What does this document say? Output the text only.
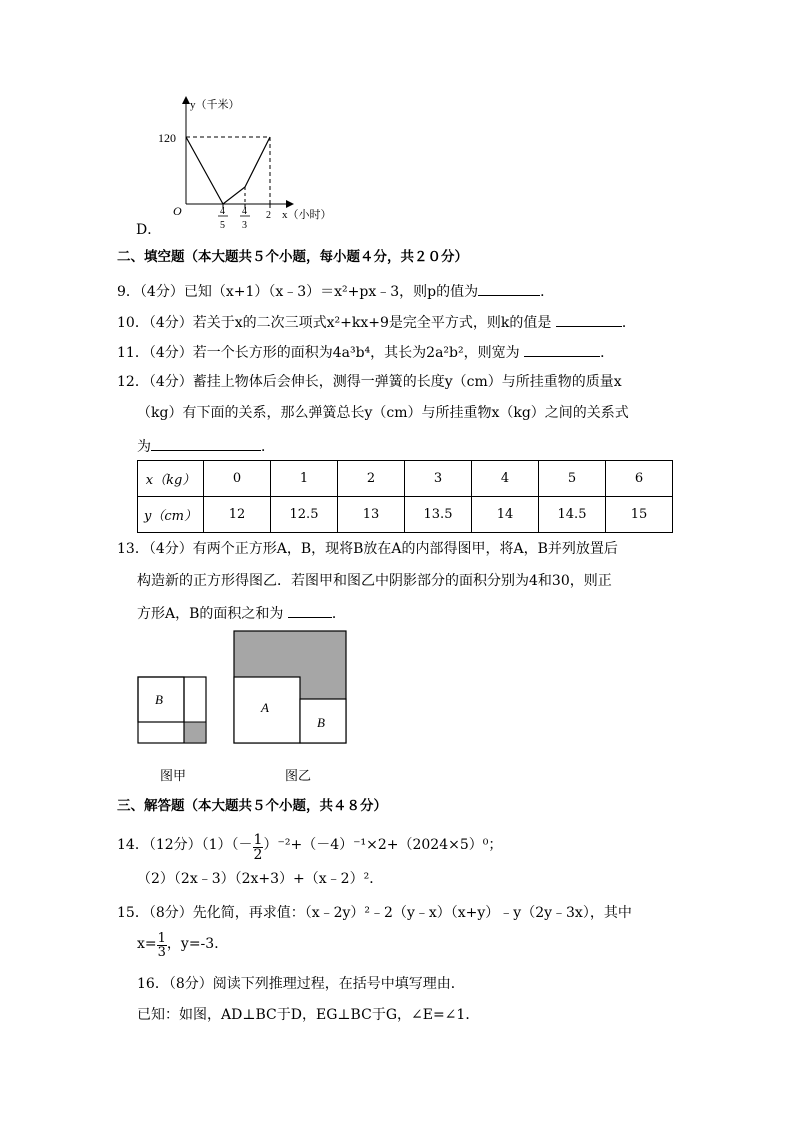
y（千米）
120
O	4
5
4
3
2 x（小时）
D．
二、填空题（本大题共５个小题，每小题４分，共２０分）
9．（4分）已知（x+1）（x﹣3）＝x²+px﹣3，则p的值为	．
10．（4分）若关于x的二次三项式x²+kx+9是完全平方式，则k的值是	．
11．（4分）若一个长方形的面积为4a³b⁴，其长为2a²b²，则宽为	．
12．（4分）蓄挂上物体后会伸长，测得一弹簧的长度y（cm）与所挂重物的质量x
（kg）有下面的关系，那么弹簧总长y（cm）与所挂重物x（kg）之间的关系式
为	．
x（kg）	0	1	2	3	4	5	6
y（cm）	12	12.5	13	13.5	14	14.5	15
13．（4分）有两个正方形A，B，现将B放在A的内部得图甲，将A，B并列放置后
构造新的正方形得图乙．若图甲和图乙中阴影部分的面积分别为4和30，则正
方形A，B的面积之和为	．
B
图甲
A
B
图乙
三、解答题（本大题共５个小题，共４８分）
14．（12分）$(1)(- \frac{1}{2} )^{-2}+(-4)^{-1}\times 2+(2024\times 5)^0$；
（2）（2x﹣3）（2x+3）+（x﹣2）²．
15．（8分）先化简，再求值：（x﹣2y）²﹣2（y﹣x）（x+y）﹣y（2y﹣3x），其中
$x= \frac{1}{3}$ ，y=-3．
16．（8分）阅读下列推理过程，在括号中填写理由．
已知：如图，AD⊥BC于D，EG⊥BC于G，∠E=∠1．
